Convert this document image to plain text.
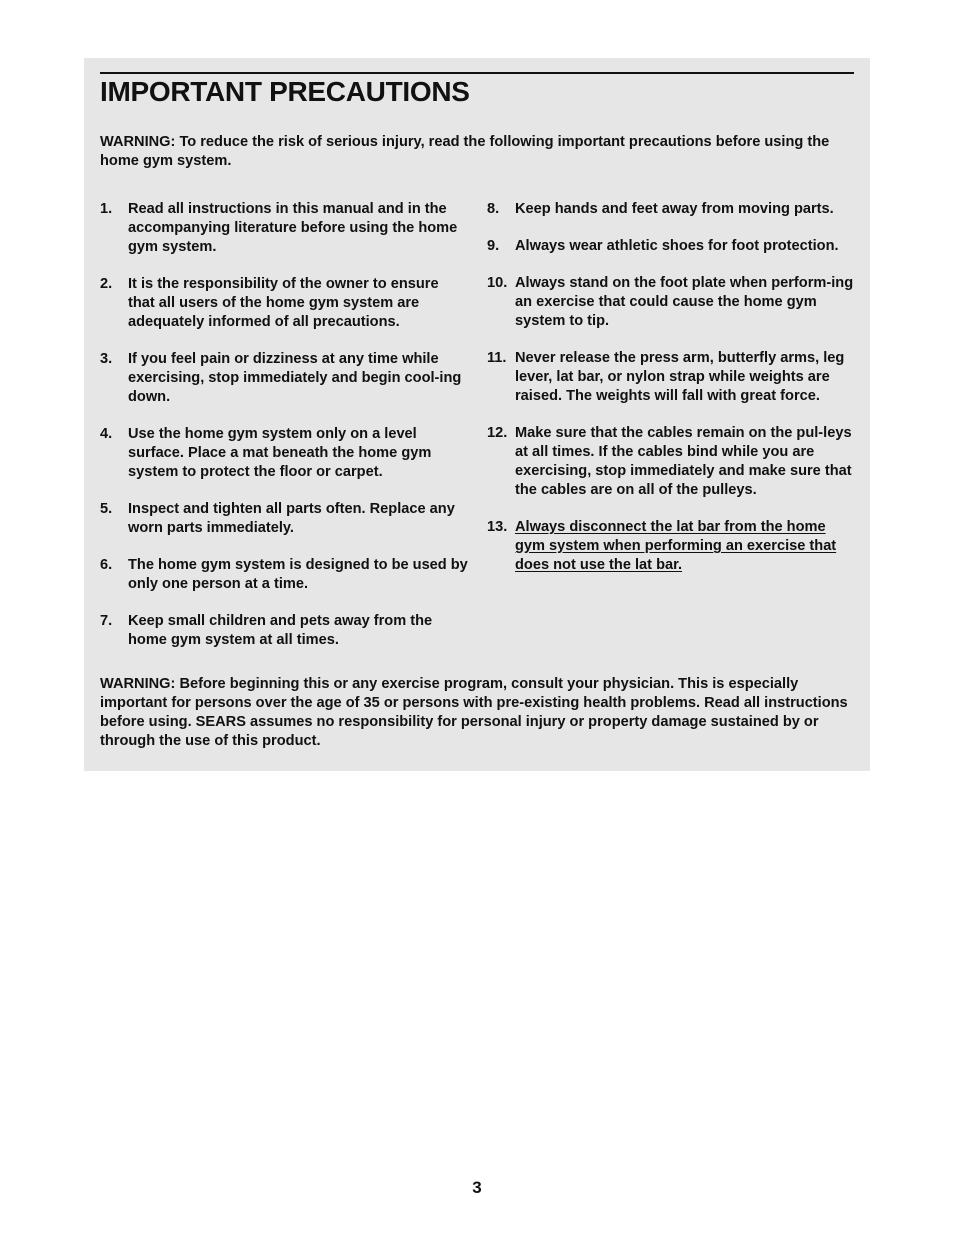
IMPORTANT PRECAUTIONS

WARNING: To reduce the risk of serious injury, read the following important precautions before using the home gym system.

1. Read all instructions in this manual and in the accompanying literature before using the home gym system.
2. It is the responsibility of the owner to ensure that all users of the home gym system are adequately informed of all precautions.
3. If you feel pain or dizziness at any time while exercising, stop immediately and begin cool-ing down.
4. Use the home gym system only on a level surface. Place a mat beneath the home gym system to protect the floor or carpet.
5. Inspect and tighten all parts often. Replace any worn parts immediately.
6. The home gym system is designed to be used by only one person at a time.
7. Keep small children and pets away from the home gym system at all times.
8. Keep hands and feet away from moving parts.
9. Always wear athletic shoes for foot protection.
10. Always stand on the foot plate when perform-ing an exercise that could cause the home gym system to tip.
11. Never release the press arm, butterfly arms, leg lever, lat bar, or nylon strap while weights are raised. The weights will fall with great force.
12. Make sure that the cables remain on the pul-leys at all times. If the cables bind while you are exercising, stop immediately and make sure that the cables are on all of the pulleys.
13. Always disconnect the lat bar from the home gym system when performing an exercise that does not use the lat bar.

WARNING: Before beginning this or any exercise program, consult your physician. This is especially important for persons over the age of 35 or persons with pre-existing health problems. Read all instructions before using. SEARS assumes no responsibility for personal injury or property damage sustained by or through the use of this product.

3
